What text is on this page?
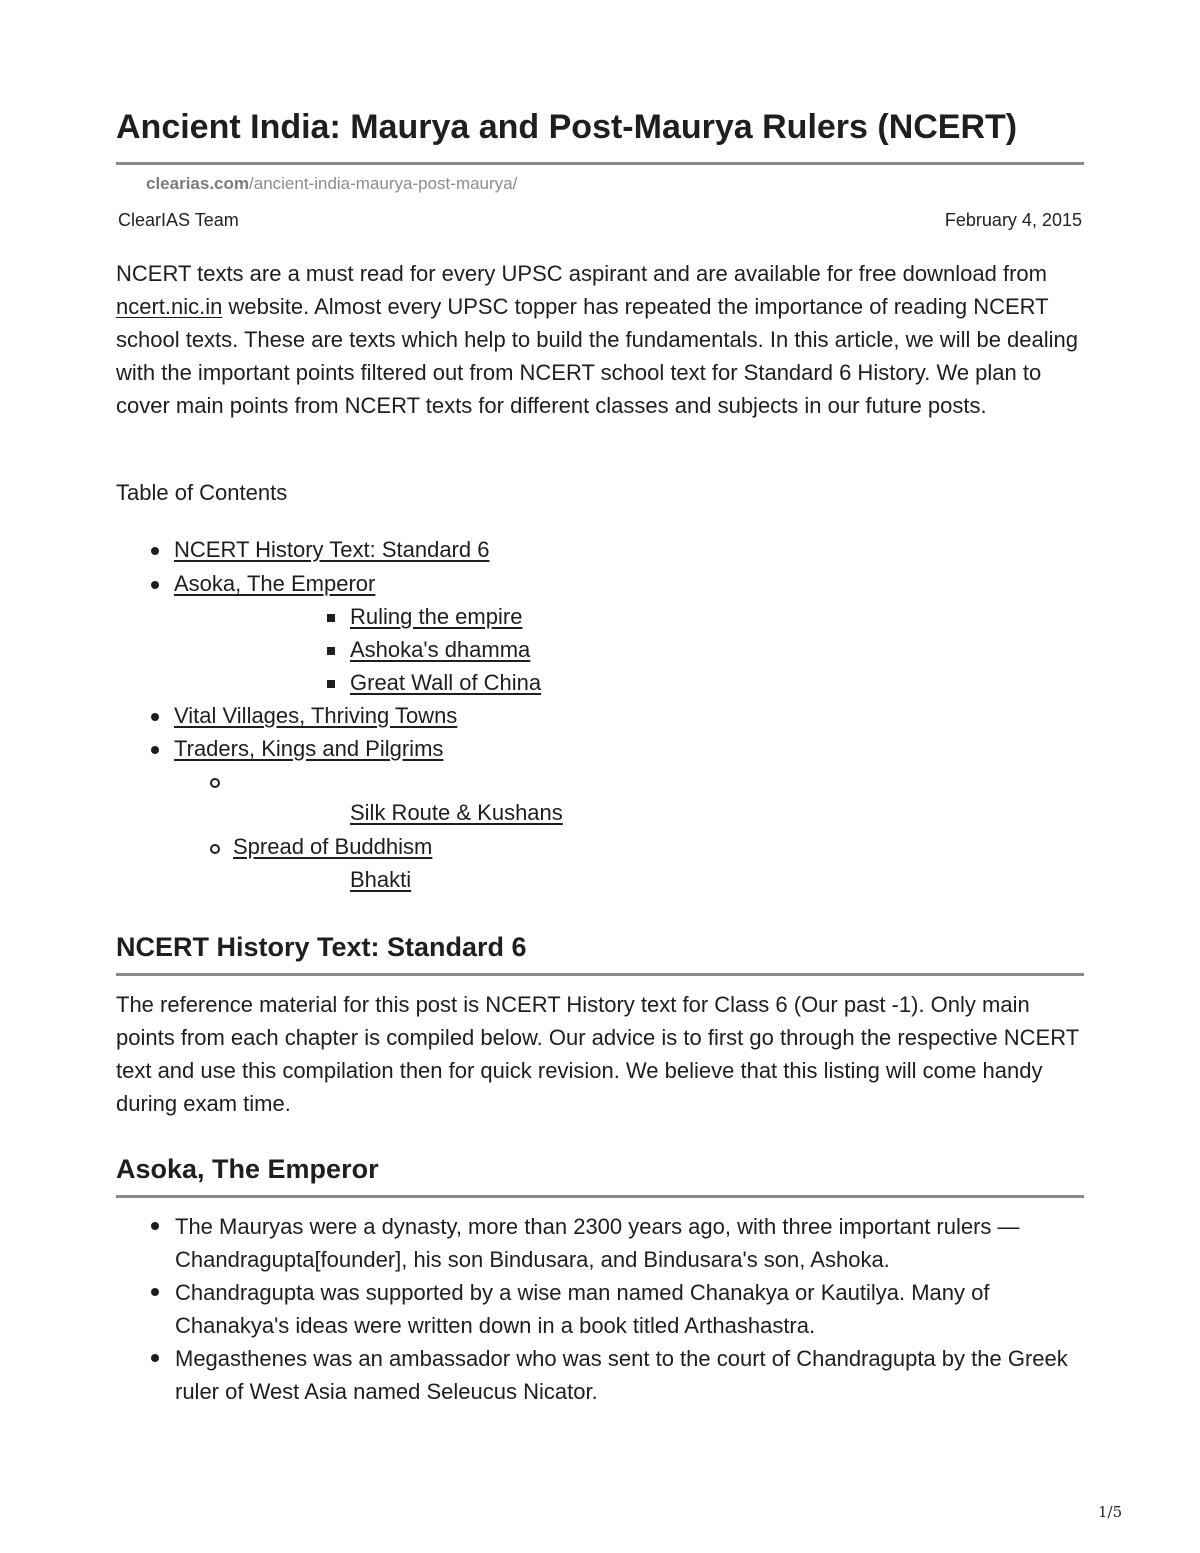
Ancient India: Maurya and Post-Maurya Rulers (NCERT)
clearias.com/ancient-india-maurya-post-maurya/
ClearIAS Team	February 4, 2015

NCERT texts are a must read for every UPSC aspirant and are available for free download from ncert.nic.in website. Almost every UPSC topper has repeated the importance of reading NCERT school texts. These are texts which help to build the fundamentals. In this article, we will be dealing with the important points filtered out from NCERT school text for Standard 6 History. We plan to cover main points from NCERT texts for different classes and subjects in our future posts.

Table of Contents
NCERT History Text: Standard 6
Asoka, The Emperor
Ruling the empire
Ashoka's dhamma
Great Wall of China
Vital Villages, Thriving Towns
Traders, Kings and Pilgrims
Silk Route & Kushans
Spread of Buddhism
Bhakti
NCERT History Text: Standard 6

The reference material for this post is NCERT History text for Class 6 (Our past -1). Only main points from each chapter is compiled below. Our advice is to first go through the respective NCERT text and use this compilation then for quick revision. We believe that this listing will come handy during exam time.

Asoka, The Emperor

The Mauryas were a dynasty, more than 2300 years ago, with three important rulers — Chandragupta[founder], his son Bindusara, and Bindusara's son, Ashoka.

Chandragupta was supported by a wise man named Chanakya or Kautilya. Many of Chanakya's ideas were written down in a book titled Arthashastra.

Megasthenes was an ambassador who was sent to the court of Chandragupta by the Greek ruler of West Asia named Seleucus Nicator.

1/5
